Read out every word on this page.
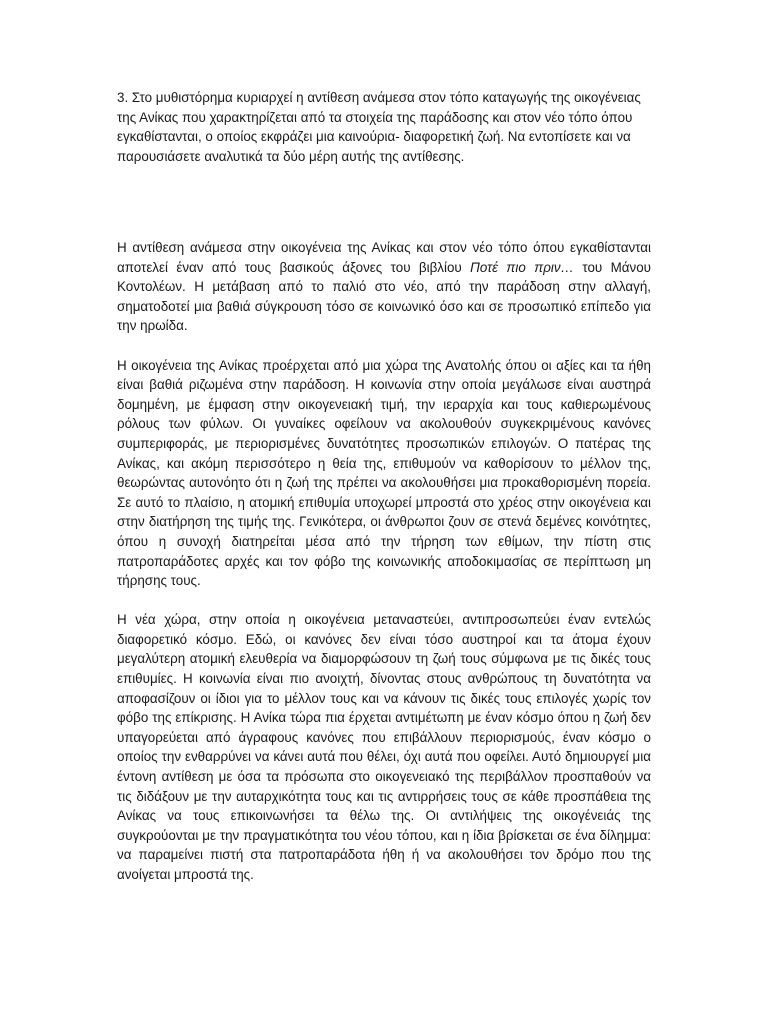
3. Στο μυθιστόρημα κυριαρχεί η αντίθεση ανάμεσα στον τόπο καταγωγής της οικογένειας της Ανίκας που χαρακτηρίζεται από τα στοιχεία της παράδοσης και στον νέο τόπο όπου εγκαθίστανται, ο οποίος εκφράζει μια καινούρια- διαφορετική ζωή. Να εντοπίσετε και να παρουσιάσετε αναλυτικά τα δύο μέρη αυτής της αντίθεσης.

Η αντίθεση ανάμεσα στην οικογένεια της Ανίκας και στον νέο τόπο όπου εγκαθίστανται αποτελεί έναν από τους βασικούς άξονες του βιβλίου Ποτέ πιο πριν… του Μάνου Κοντολέων. Η μετάβαση από το παλιό στο νέο, από την παράδοση στην αλλαγή, σηματοδοτεί μια βαθιά σύγκρουση τόσο σε κοινωνικό όσο και σε προσωπικό επίπεδο για την ηρωίδα.

Η οικογένεια της Ανίκας προέρχεται από μια χώρα της Ανατολής όπου οι αξίες και τα ήθη είναι βαθιά ριζωμένα στην παράδοση. Η κοινωνία στην οποία μεγάλωσε είναι αυστηρά δομημένη, με έμφαση στην οικογενειακή τιμή, την ιεραρχία και τους καθιερωμένους ρόλους των φύλων. Οι γυναίκες οφείλουν να ακολουθούν συγκεκριμένους κανόνες συμπεριφοράς, με περιορισμένες δυνατότητες προσωπικών επιλογών. Ο πατέρας της Ανίκας, και ακόμη περισσότερο η θεία της, επιθυμούν να καθορίσουν το μέλλον της, θεωρώντας αυτονόητο ότι η ζωή της πρέπει να ακολουθήσει μια προκαθορισμένη πορεία. Σε αυτό το πλαίσιο, η ατομική επιθυμία υποχωρεί μπροστά στο χρέος στην οικογένεια και στην διατήρηση της τιμής της. Γενικότερα, οι άνθρωποι ζουν σε στενά δεμένες κοινότητες, όπου η συνοχή διατηρείται μέσα από την τήρηση των εθίμων, την πίστη στις πατροπαράδοτες αρχές και τον φόβο της κοινωνικής αποδοκιμασίας σε περίπτωση μη τήρησης τους.

Η νέα χώρα, στην οποία η οικογένεια μεταναστεύει, αντιπροσωπεύει έναν εντελώς διαφορετικό κόσμο. Εδώ, οι κανόνες δεν είναι τόσο αυστηροί και τα άτομα έχουν μεγαλύτερη ατομική ελευθερία να διαμορφώσουν τη ζωή τους σύμφωνα με τις δικές τους επιθυμίες. Η κοινωνία είναι πιο ανοιχτή, δίνοντας στους ανθρώπους τη δυνατότητα να αποφασίζουν οι ίδιοι για το μέλλον τους και να κάνουν τις δικές τους επιλογές χωρίς τον φόβο της επίκρισης. Η Ανίκα τώρα πια έρχεται αντιμέτωπη με έναν κόσμο όπου η ζωή δεν υπαγορεύεται από άγραφους κανόνες που επιβάλλουν περιορισμούς, έναν κόσμο ο οποίος την ενθαρρύνει να κάνει αυτά που θέλει, όχι αυτά που οφείλει. Αυτό δημιουργεί μια έντονη αντίθεση με όσα τα πρόσωπα στο οικογενειακό της περιβάλλον προσπαθούν να τις διδάξουν με την αυταρχικότητα τους και τις αντιρρήσεις τους σε κάθε προσπάθεια της Ανίκας να τους επικοινωνήσει τα θέλω της. Οι αντιλήψεις της οικογένειάς της συγκρούονται με την πραγματικότητα του νέου τόπου, και η ίδια βρίσκεται σε ένα δίλημμα: να παραμείνει πιστή στα πατροπαράδοτα ήθη ή να ακολουθήσει τον δρόμο που της ανοίγεται μπροστά της.
